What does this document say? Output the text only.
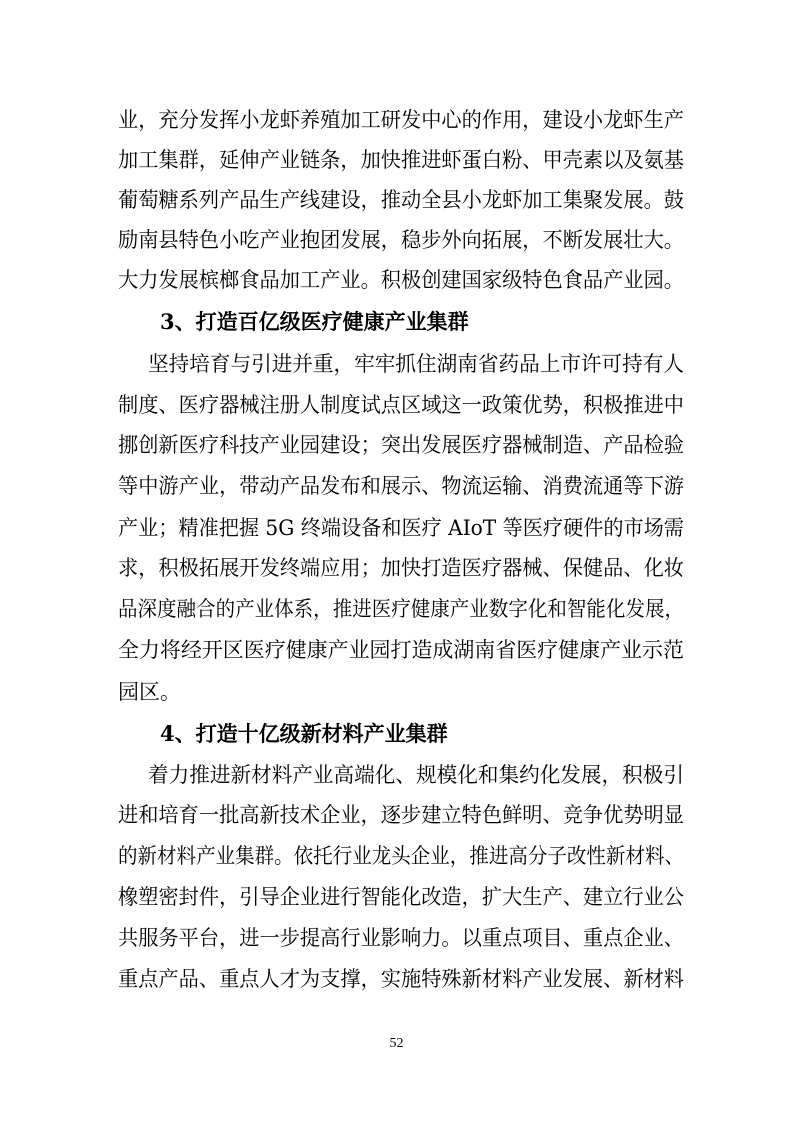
业，充分发挥小龙虾养殖加工研发中心的作用，建设小龙虾生产
加工集群，延伸产业链条，加快推进虾蛋白粉、甲壳素以及氨基
葡萄糖系列产品生产线建设，推动全县小龙虾加工集聚发展。鼓
励南县特色小吃产业抱团发展，稳步外向拓展，不断发展壮大。
大力发展槟榔食品加工产业。积极创建国家级特色食品产业园。
3、打造百亿级医疗健康产业集群
坚持培育与引进并重，牢牢抓住湖南省药品上市许可持有人
制度、医疗器械注册人制度试点区域这一政策优势，积极推进中
挪创新医疗科技产业园建设；突出发展医疗器械制造、产品检验
等中游产业，带动产品发布和展示、物流运输、消费流通等下游
产业；精准把握 5G 终端设备和医疗 AIoT 等医疗硬件的市场需
求，积极拓展开发终端应用；加快打造医疗器械、保健品、化妆
品深度融合的产业体系，推进医疗健康产业数字化和智能化发展，
全力将经开区医疗健康产业园打造成湖南省医疗健康产业示范
园区。
4、打造十亿级新材料产业集群
着力推进新材料产业高端化、规模化和集约化发展，积极引
进和培育一批高新技术企业，逐步建立特色鲜明、竞争优势明显
的新材料产业集群。依托行业龙头企业，推进高分子改性新材料、
橡塑密封件，引导企业进行智能化改造，扩大生产、建立行业公
共服务平台，进一步提高行业影响力。以重点项目、重点企业、
重点产品、重点人才为支撑，实施特殊新材料产业发展、新材料
52
